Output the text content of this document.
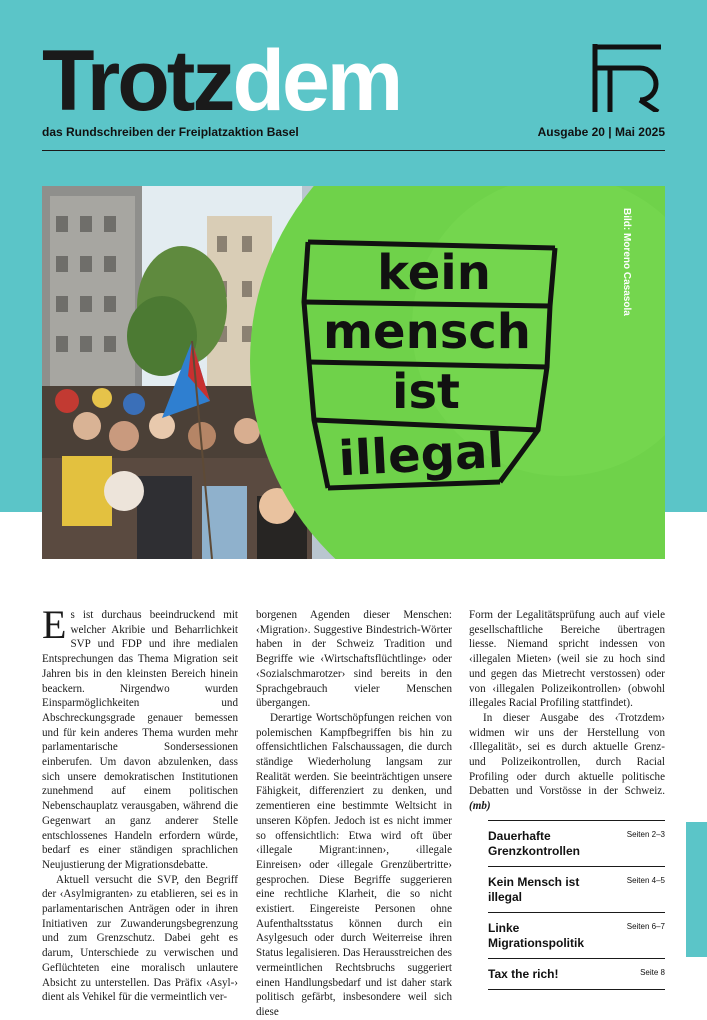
Trotzdem
das Rundschreiben der Freiplatzaktion Basel	Ausgabe 20 | Mai 2025
kein
mensch
ist
illegal
Bild: Moreno Casasola

Es ist durchaus beeindruckend mit welcher Akribie und Beharrlichkeit SVP und FDP und ihre medialen Entsprechungen das Thema Migration seit Jahren bis in den kleinsten Bereich hinein beackern. Nirgendwo wurden Einsparmöglichkeiten und Abschreckungsgrade genauer bemessen und für kein anderes Thema wurden mehr parlamentarische Sondersessionen einberufen. Um davon abzulenken, dass sich unsere demokratischen Institutionen zunehmend auf einem politischen Nebenschauplatz verausgaben, während die Gegenwart an ganz anderer Stelle entschlossenes Handeln erfordern würde, bedarf es einer ständigen sprachlichen Neujustierung der Migrationsdebatte.

Aktuell versucht die SVP, den Begriff der ‹Asylmigranten› zu etablieren, sei es in parlamentarischen Anträgen oder in ihren Initiativen zur Zuwanderungsbegrenzung und zum Grenzschutz. Dabei geht es darum, Unterschiede zu verwischen und Geflüchteten eine moralisch unlautere Absicht zu unterstellen. Das Präfix ‹Asyl-› dient als Vehikel für die vermeintlich ver-

borgenen Agenden dieser Menschen: ‹Migration›. Suggestive Bindestrich-Wörter haben in der Schweiz Tradition und Begriffe wie ‹Wirtschaftsflüchtlinge› oder ‹Sozialschmarotzer› sind bereits in den Sprachgebrauch vieler Menschen übergangen.

Derartige Wortschöpfungen reichen von polemischen Kampfbegriffen bis hin zu offensichtlichen Falschaussagen, die durch ständige Wiederholung langsam zur Realität werden. Sie beeinträchtigen unsere Fähigkeit, differenziert zu denken, und zementieren eine bestimmte Weltsicht in unseren Köpfen. Jedoch ist es nicht immer so offensichtlich: Etwa wird oft über ‹illegale Migrant:innen›, ‹illegale Einreisen› oder ‹illegale Grenzübertritte› gesprochen. Diese Begriffe suggerieren eine rechtliche Klarheit, die so nicht existiert. Eingereiste Personen ohne Aufenthaltsstatus können durch ein Asylgesuch oder durch Weiterreise ihren Status legalisieren. Das Herausstreichen des vermeintlichen Rechtsbruchs suggeriert einen Handlungsbedarf und ist daher stark politisch gefärbt, insbesondere weil sich diese

Form der Legalitätsprüfung auch auf viele gesellschaftliche Bereiche übertragen liesse. Niemand spricht indessen von ‹illegalen Mieten› (weil sie zu hoch sind und gegen das Mietrecht verstossen) oder von ‹illegalen Polizeikontrollen› (obwohl illegales Racial Profiling stattfindet).

In dieser Ausgabe des ‹Trotzdem› widmen wir uns der Herstellung von ‹Illegalität›, sei es durch aktuelle Grenz- und Polizeikontrollen, durch Racial Profiling oder durch aktuelle politische Debatten und Vorstösse in der Schweiz. (mb)

Dauerhafte Grenzkontrollen
Seiten 2–3
Kein Mensch ist illegal
Seiten 4–5
Linke Migrationspolitik
Seiten 6–7
Tax the rich!	Seite 8
